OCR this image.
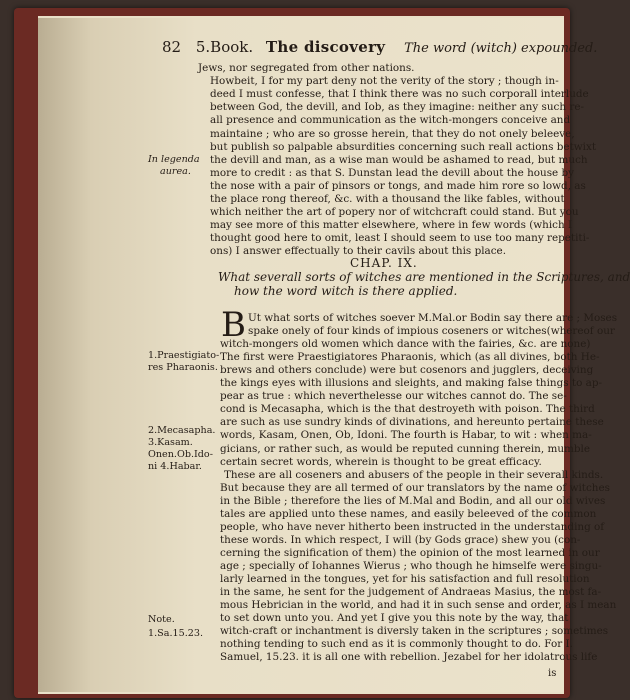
82 5.Book. The discovery The word (witch) expounded.
Jews, nor segregated from other nations.
Howbeit, I for my part deny not the verity of the story ; though in-
deed I must confesse, that I think there was no such corporall interlude
between God, the devill, and Iob, as they imagine: neither any such re-
all presence and communication as the witch-mongers conceive and
maintaine ; who are so grosse herein, that they do not onely beleeve,
but publish so palpable absurdities concerning such reall actions betwixt
the devill and man, as a wise man would be ashamed to read, but much
more to credit : as that S. Dunstan lead the devill about the house by
the nose with a pair of pinsors or tongs, and made him rore so lowd, as
the place rong thereof, &c. with a thousand the like fables, without
which neither the art of popery nor of witchcraft could stand. But you
may see more of this matter elsewhere, where in few words (which I
thought good here to omit, least I should seem to use too many repetiti-
ons) I answer effectually to their cavils about this place.
In legenda
aurea.
CHAP. IX.
What severall sorts of witches are mentioned in the Scriptures, and
how the word witch is there applied.
B Ut what sorts of witches soever M.Mal.or Bodin say there are ; Moses
spake onely of four kinds of impious coseners or witches(whereof our
witch-mongers old women which dance with the fairies, &c. are none)
The first were Praestigiatores Pharaonis, which (as all divines, both He-
brews and others conclude) were but cosenors and jugglers, deceiving
the kings eyes with illusions and sleights, and making false things to ap-
pear as true : which neverthelesse our witches cannot do. The se-
cond is Mecasapha, which is the that destroyeth with poison. The third
are such as use sundry kinds of divinations, and hereunto pertaine these
words, Kasam, Onen, Ob, Idoni. The fourth is Habar, to wit : when ma-
gicians, or rather such, as would be reputed cunning therein, mumble
certain secret words, wherein is thought to be great efficacy.
These are all coseners and abusers of the people in their severall kinds.
But because they are all termed of our translators by the name of witches
in the Bible ; therefore the lies of M.Mal and Bodin, and all our old wives
tales are applied unto these names, and easily beleeved of the common
people, who have never hitherto been instructed in the understanding of
these words. In which respect, I will (by Gods grace) shew you (con-
cerning the signification of them) the opinion of the most learned in our
age ; specially of Iohannes Wierus ; who though he himselfe were singu-
larly learned in the tongues, yet for his satisfaction and full resolution
in the same, he sent for the judgement of Andraeas Masius, the most fa-
mous Hebrician in the world, and had it in such sense and order, as I mean
to set down unto you. And yet I give you this note by the way, that
witch-craft or inchantment is diversly taken in the scriptures ; sometimes
nothing tending to such end as it is commonly thought to do. For I.
Samuel, 15.23. it is all one with rebellion. Jezabel for her idolatrous life
1.Praestigiato-
res Pharaonis.
2.Mecasapha.
3.Kasam.
Onen.Ob.Ido-
ni 4.Habar.
Note.
1.Sa.15.23.
is
